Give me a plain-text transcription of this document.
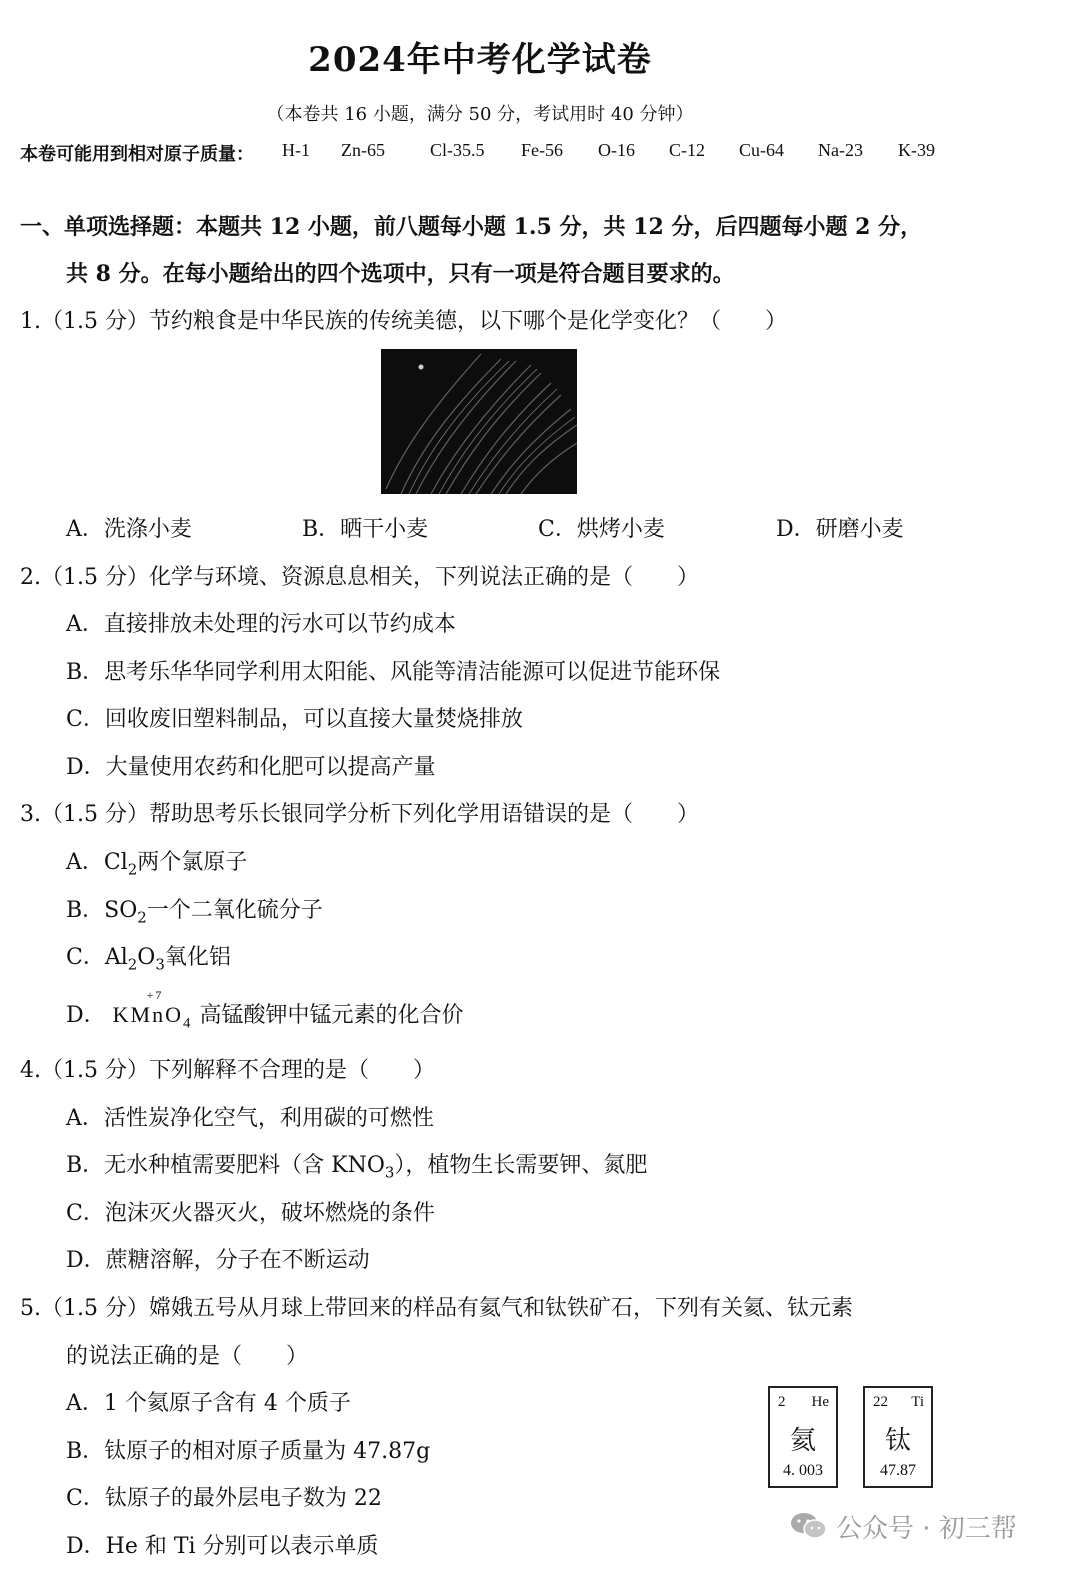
2024年中考化学试卷
（本卷共 16 小题，满分 50 分，考试用时 40 分钟）
本卷可能用到相对原子质量： H-1 Zn-65	Cl-35.5 Fe-56 O-16 C-12 Cu-64 Na-23 K-39
一、单项选择题：本题共 12 小题，前八题每小题 1.5 分，共 12 分，后四题每小题 2 分，
共 8 分。在每小题给出的四个选项中，只有一项是符合题目要求的。
1.（1.5 分）节约粮食是中华民族的传统美德，以下哪个是化学变化？（ ）
A．洗涤小麦	B．晒干小麦	C．烘烤小麦	D．研磨小麦
2.（1.5 分）化学与环境、资源息息相关，下列说法正确的是（ ）
A．直接排放未处理的污水可以节约成本
B．思考乐华华同学利用太阳能、风能等清洁能源可以促进节能环保
C．回收废旧塑料制品，可以直接大量焚烧排放
D．大量使用农药和化肥可以提高产量
3.（1.5 分）帮助思考乐长银同学分析下列化学用语错误的是（ ）
A．$Cl_2$两个氯原子
B．$SO_2$一个二氧化硫分子
C．$Al_2O_3$氧化铝
D．
+7
KMnO$_4$ 高锰酸钾中锰元素的化合价
4.（1.5 分）下列解释不合理的是（ ）
A．活性炭净化空气，利用碳的可燃性
B．无水种植需要肥料（含 $KNO_3$），植物生长需要钾、氮肥
C．泡沫灭火器灭火，破坏燃烧的条件
D．蔗糖溶解，分子在不断运动
5.（1.5 分）嫦娥五号从月球上带回来的样品有氦气和钛铁矿石，下列有关氦、钛元素
的说法正确的是（ ）
A．1 个氦原子含有 4 个质子
B．钛原子的相对原子质量为 47.87g
C．钛原子的最外层电子数为 22
D．He 和 Ti 分别可以表示单质
2 He
氦
4. 003
22 Ti
钛
47.87
公众号 · 初三帮
